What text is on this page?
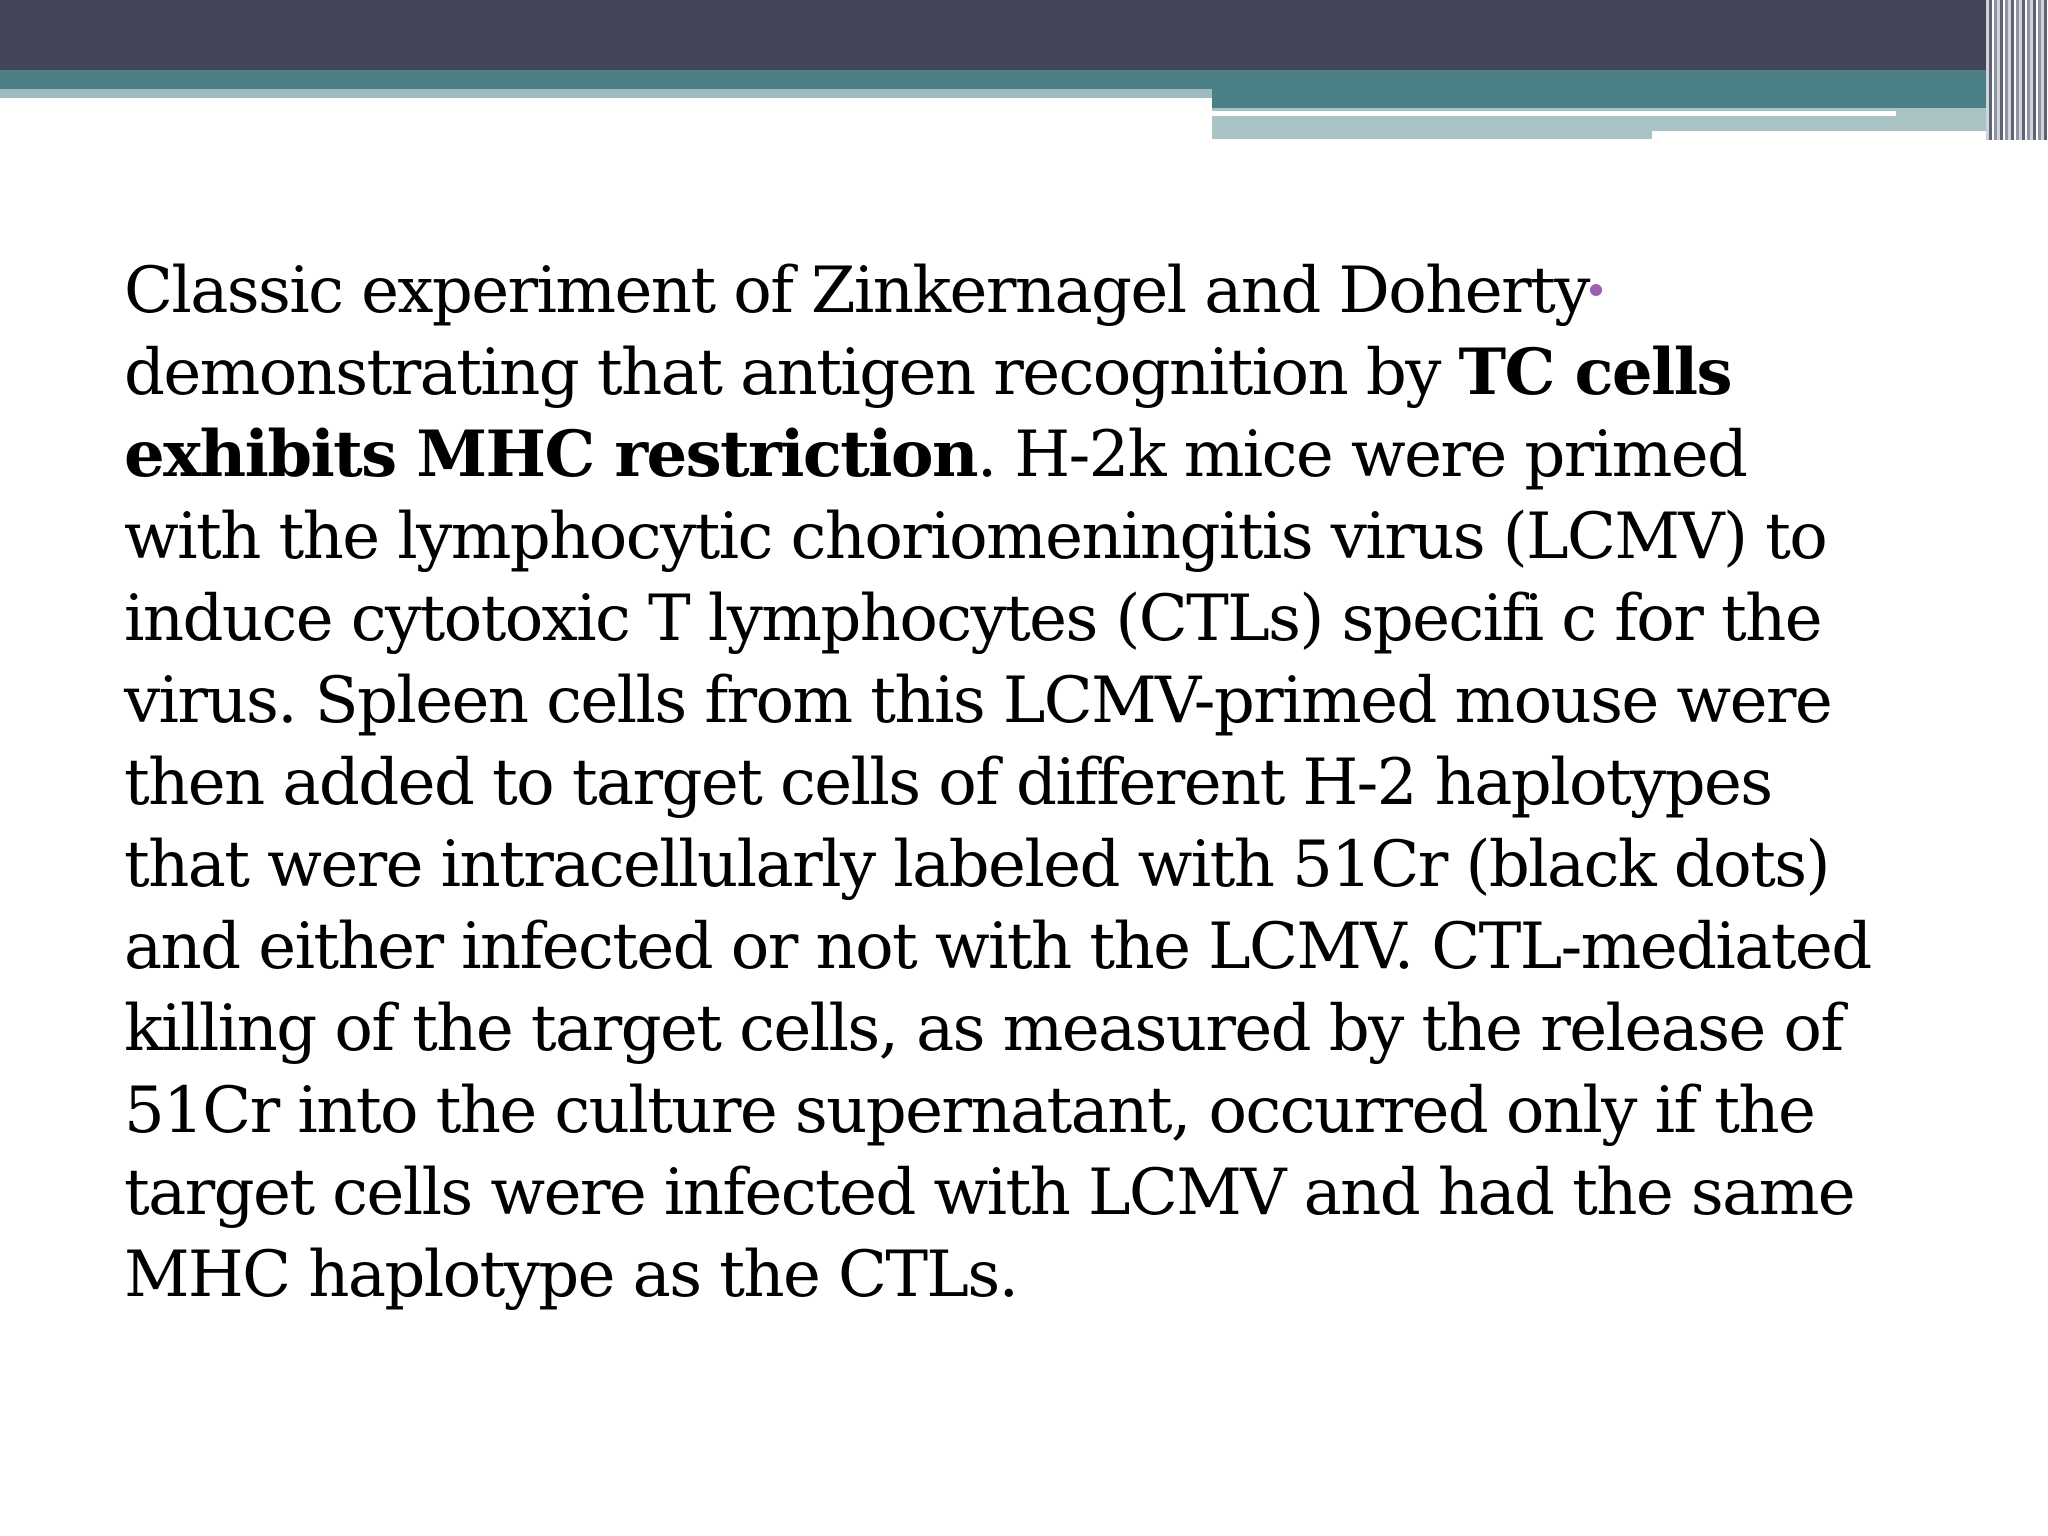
Classic experiment of Zinkernagel and Doherty
demonstrating that antigen recognition by TC cells
exhibits MHC restriction. H-2k mice were primed
with the lymphocytic choriomeningitis virus (LCMV) to
induce cytotoxic T lymphocytes (CTLs) specifi c for the
virus. Spleen cells from this LCMV-primed mouse were
then added to target cells of different H-2 haplotypes
that were intracellularly labeled with 51Cr (black dots)
and either infected or not with the LCMV. CTL-mediated
killing of the target cells, as measured by the release of
51Cr into the culture supernatant, occurred only if the
target cells were infected with LCMV and had the same
MHC haplotype as the CTLs.
